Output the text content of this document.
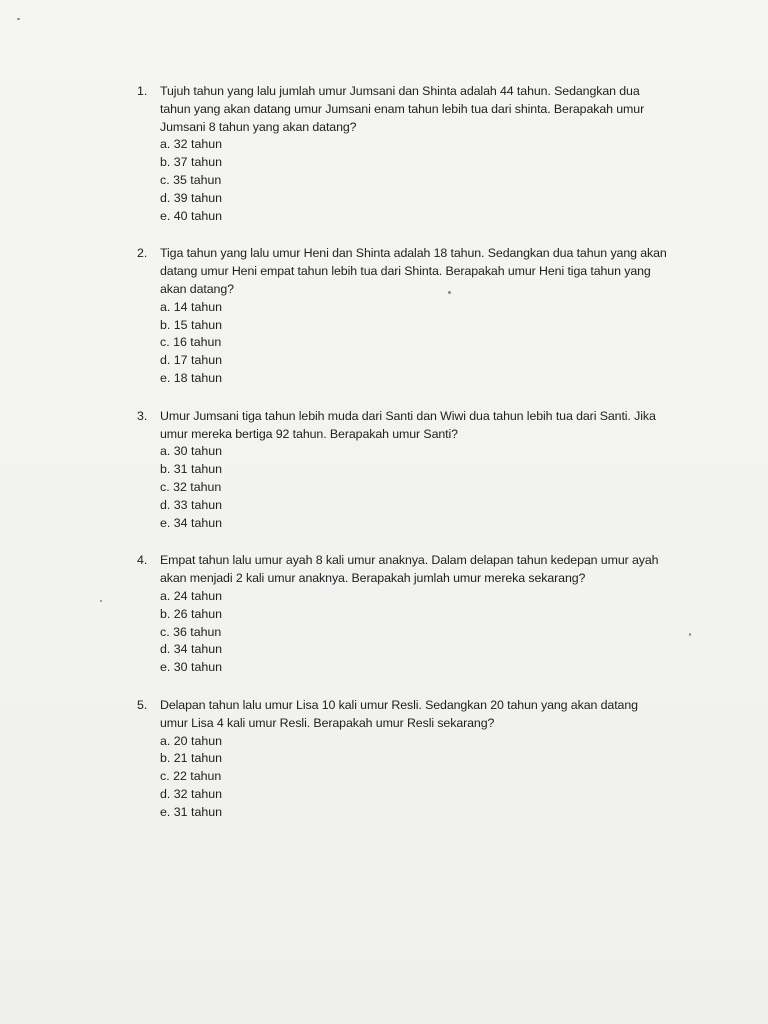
1. Tujuh tahun yang lalu jumlah umur Jumsani dan Shinta adalah 44 tahun. Sedangkan dua tahun yang akan datang umur Jumsani enam tahun lebih tua dari shinta. Berapakah umur Jumsani 8 tahun yang akan datang?

a. 32 tahun
b. 37 tahun
c. 35 tahun
d. 39 tahun
e. 40 tahun
2. Tiga tahun yang lalu umur Heni dan Shinta adalah 18 tahun. Sedangkan dua tahun yang akan datang umur Heni empat tahun lebih tua dari Shinta. Berapakah umur Heni tiga tahun yang akan datang?

a. 14 tahun
b. 15 tahun
c. 16 tahun
d. 17 tahun
e. 18 tahun
3. Umur Jumsani tiga tahun lebih muda dari Santi dan Wiwi dua tahun lebih tua dari Santi. Jika umur mereka bertiga 92 tahun. Berapakah umur Santi?

a. 30 tahun
b. 31 tahun
c. 32 tahun
d. 33 tahun
e. 34 tahun
4. Empat tahun lalu umur ayah 8 kali umur anaknya. Dalam delapan tahun kedepan umur ayah akan menjadi 2 kali umur anaknya. Berapakah jumlah umur mereka sekarang?

a. 24 tahun
b. 26 tahun
c. 36 tahun
d. 34 tahun
e. 30 tahun
5. Delapan tahun lalu umur Lisa 10 kali umur Resli. Sedangkan 20 tahun yang akan datang umur Lisa 4 kali umur Resli. Berapakah umur Resli sekarang?

a. 20 tahun
b. 21 tahun
c. 22 tahun
d. 32 tahun
e. 31 tahun
